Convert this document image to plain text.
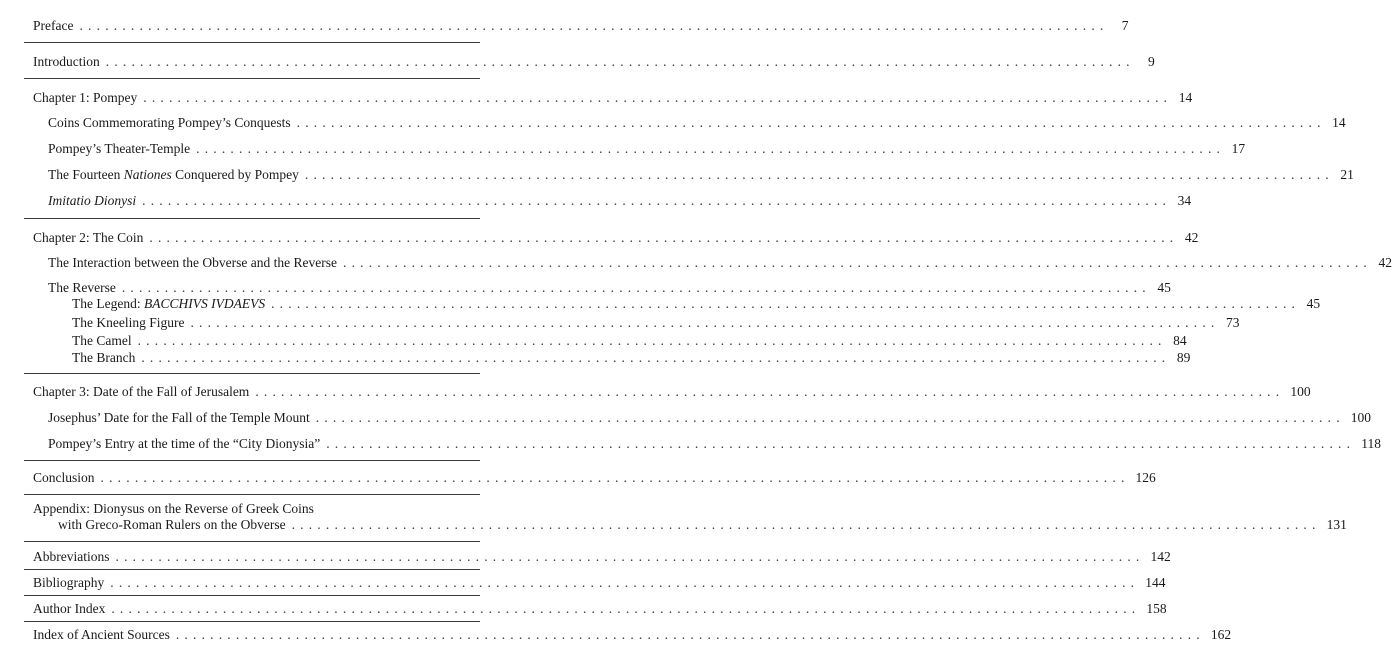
Preface ........................................................................................................................ 7
Introduction ........................................................................................................................ 9
Chapter 1: Pompey ........................................................................................................................ 14
Coins Commemorating Pompey’s Conquests ........................................................................................................................ 14
Pompey’s Theater-Temple ........................................................................................................................ 17
The Fourteen Nationes Conquered by Pompey ........................................................................................................................ 21
Imitatio Dionysi ........................................................................................................................ 34
Chapter 2: The Coin ........................................................................................................................ 42
The Interaction between the Obverse and the Reverse ........................................................................................................................ 42
The Reverse ........................................................................................................................ 45
The Legend: BACCHIVS IVDAEVS ........................................................................................................................ 45
The Kneeling Figure ........................................................................................................................ 73
The Camel ........................................................................................................................ 84
The Branch ........................................................................................................................ 89
Chapter 3: Date of the Fall of Jerusalem ........................................................................................................................ 100
Josephus’ Date for the Fall of the Temple Mount ........................................................................................................................ 100
Pompey’s Entry at the time of the “City Dionysia” ........................................................................................................................ 118
Conclusion ........................................................................................................................ 126
Appendix: Dionysus on the Reverse of Greek Coins
with Greco-Roman Rulers on the Obverse ........................................................................................................................ 131
Abbreviations ........................................................................................................................ 142
Bibliography ........................................................................................................................ 144
Author Index ........................................................................................................................ 158
Index of Ancient Sources ........................................................................................................................ 162
